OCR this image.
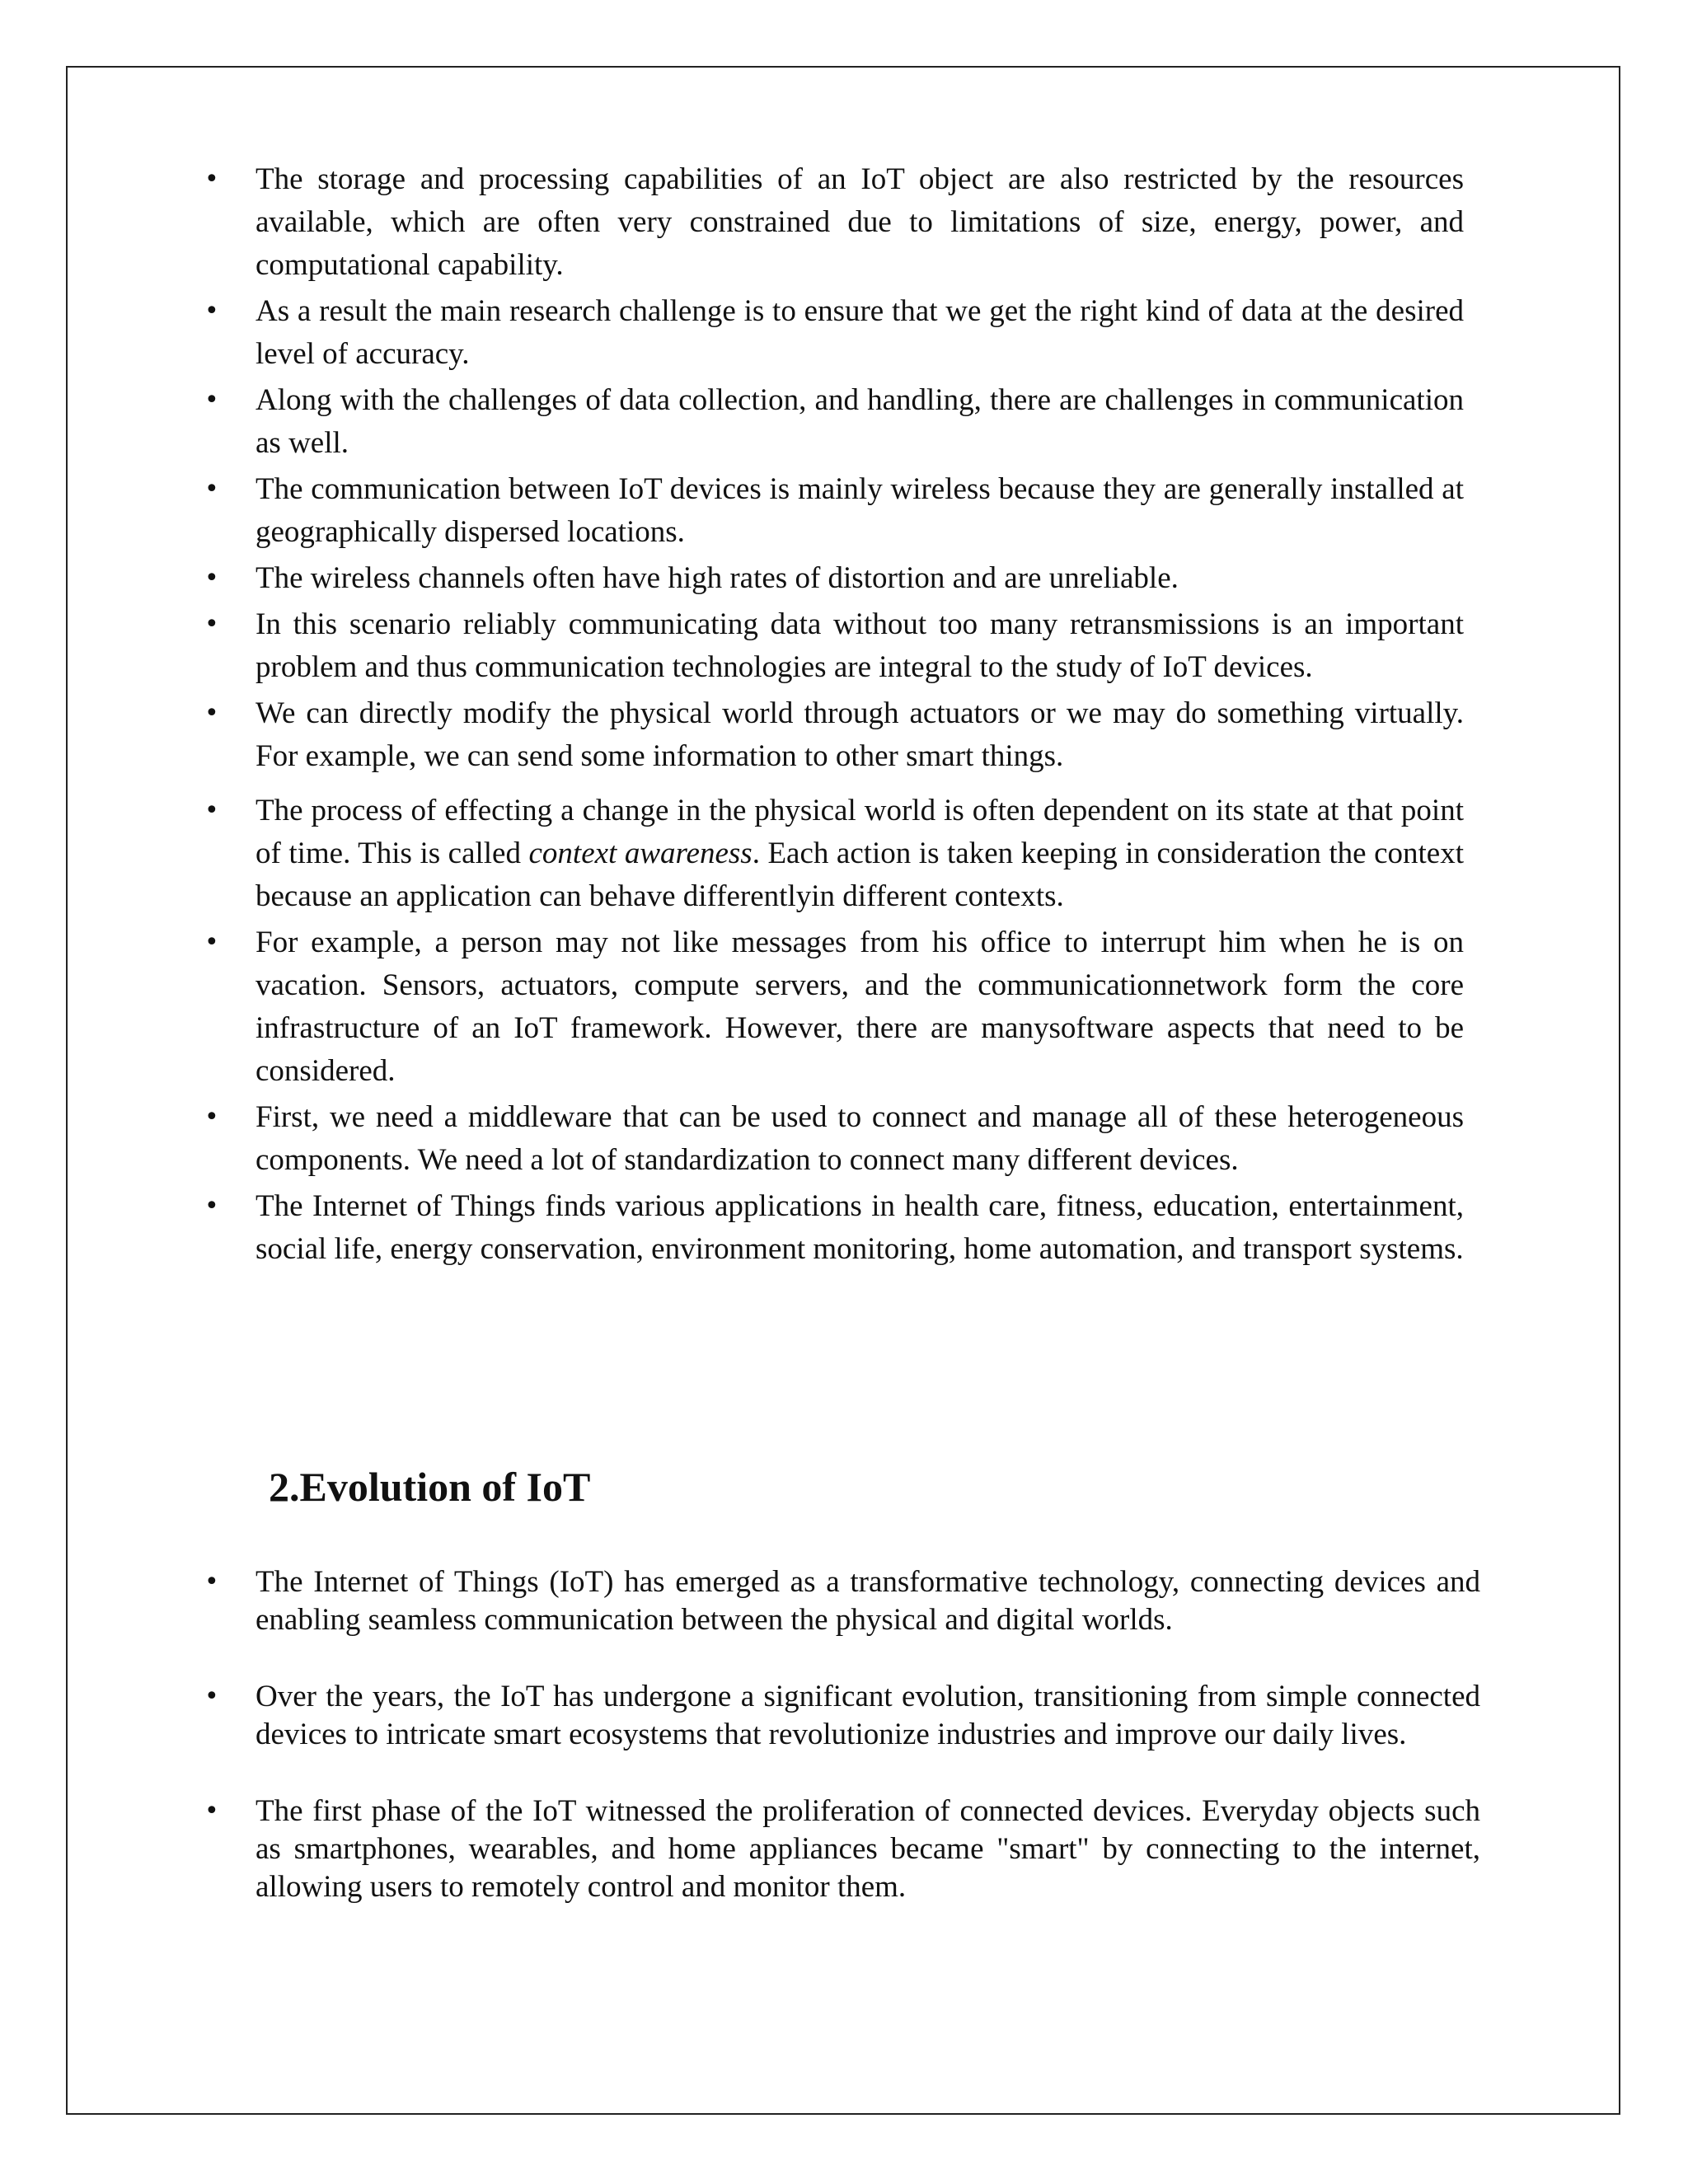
•	The storage and processing capabilities of an IoT object are also restricted by the resources available, which are often very constrained due to limitations of size, energy, power, and computational capability.
•	As a result the main research challenge is to ensure that we get the right kind of data at the desired level of accuracy.
•	Along with the challenges of data collection, and handling, there are challenges in communication as well.
•	The communication between IoT devices is mainly wireless because they are generally installed at geographically dispersed locations.
•	The wireless channels often have high rates of distortion and are unreliable.
•	In this scenario reliably communicating data without too many retransmissions is an important problem and thus communication technologies are integral to the study of IoT devices.
•	We can directly modify the physical world through actuators or we may do something virtually. For example, we can send some information to other smart things.
•	The process of effecting a change in the physical world is often dependent on its state at that point of time. This is called context awareness. Each action is taken keeping in consideration the context because an application can behave differentlyin different contexts.
•	For example, a person may not like messages from his office to interrupt him when he is on vacation. Sensors, actuators, compute servers, and the communicationnetwork form the core infrastructure of an IoT framework. However, there are manysoftware aspects that need to be considered.
•	First, we need a middleware that can be used to connect and manage all of these heterogeneous components. We need a lot of standardization to connect many different devices.
•	The Internet of Things finds various applications in health care, fitness, education, entertainment, social life, energy conservation, environment monitoring, home automation, and transport systems.
2.Evolution of IoT
•	The Internet of Things (IoT) has emerged as a transformative technology, connecting devices and enabling seamless communication between the physical and digital worlds.
•	Over the years, the IoT has undergone a significant evolution, transitioning from simple connected devices to intricate smart ecosystems that revolutionize industries and improve our daily lives.
•	The first phase of the IoT witnessed the proliferation of connected devices. Everyday objects such as smartphones, wearables, and home appliances became "smart" by connecting to the internet, allowing users to remotely control and monitor them.
